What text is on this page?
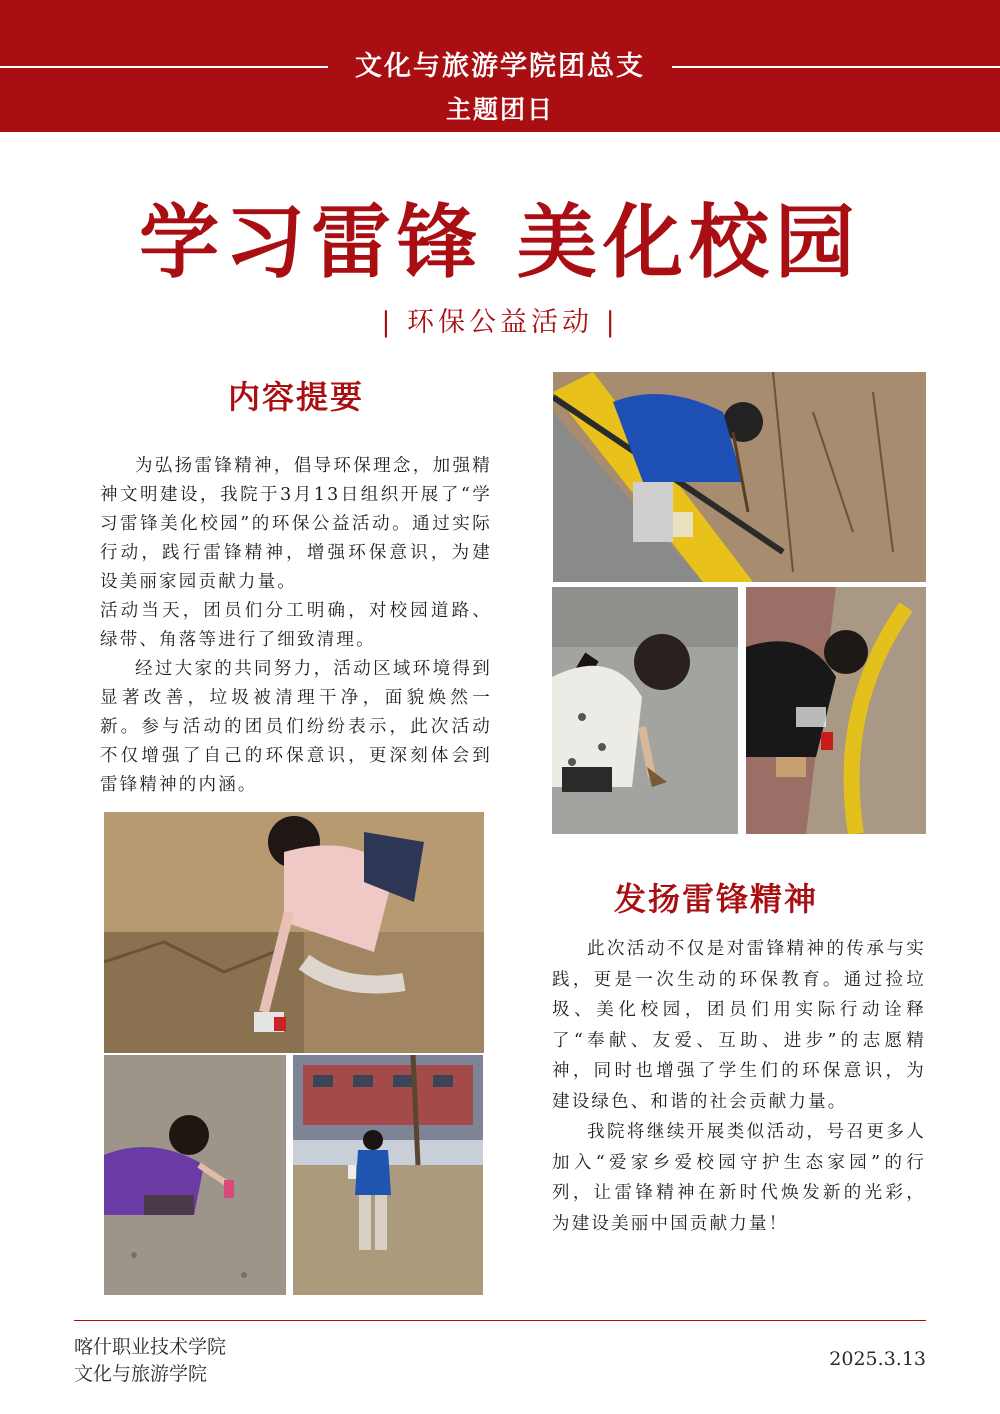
文化与旅游学院团总支
主题团日
学习雷锋 美化校园
| 环保公益活动 |
内容提要

为弘扬雷锋精神，倡导环保理念，加强精神文明建设，我院于3月13日组织开展了“学习雷锋美化校园”的环保公益活动。通过实际行动，践行雷锋精神，增强环保意识，为建设美丽家园贡献力量。

活动当天，团员们分工明确，对校园道路、绿带、角落等进行了细致清理。

经过大家的共同努力，活动区域环境得到显著改善，垃圾被清理干净，面貌焕然一新。参与活动的团员们纷纷表示，此次活动不仅增强了自己的环保意识，更深刻体会到雷锋精神的内涵。

发扬雷锋精神

此次活动不仅是对雷锋精神的传承与实践，更是一次生动的环保教育。通过捡垃圾、美化校园，团员们用实际行动诠释了“奉献、友爱、互助、进步”的志愿精神，同时也增强了学生们的环保意识，为建设绿色、和谐的社会贡献力量。

我院将继续开展类似活动，号召更多人加入“爱家乡爱校园守护生态家园”的行列，让雷锋精神在新时代焕发新的光彩，为建设美丽中国贡献力量！

喀什职业技术学院
文化与旅游学院
2025.3.13
